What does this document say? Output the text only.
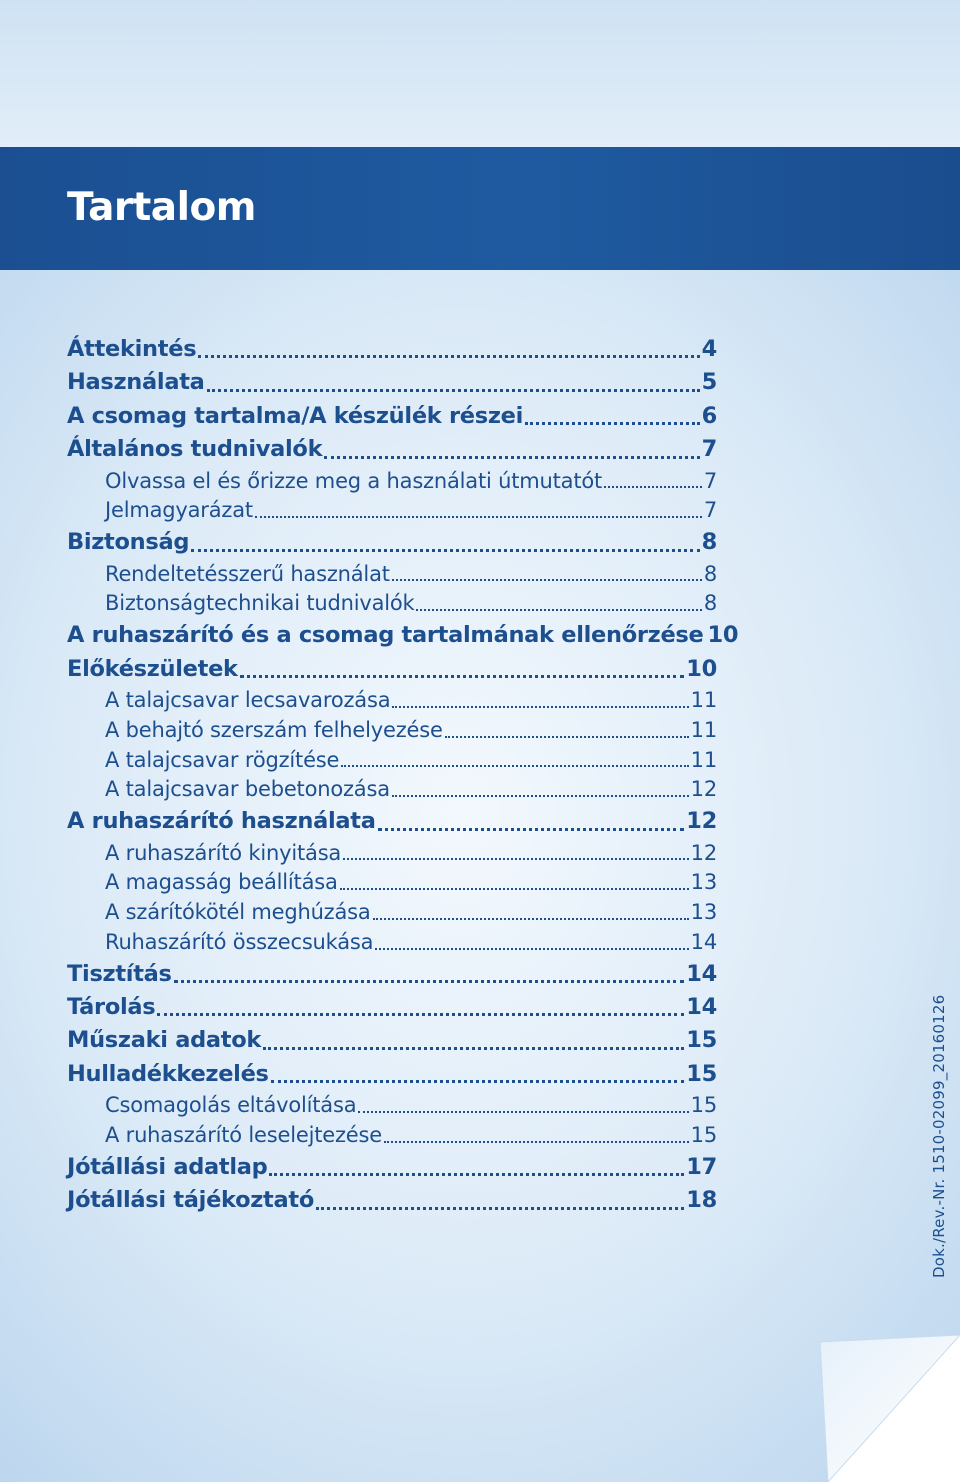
Tartalom
Áttekintés	4
Használata	5
A csomag tartalma/A készülék részei	6
Általános tudnivalók	7
Olvassa el és őrizze meg a használati útmutatót	7
Jelmagyarázat	7
Biztonság	8
Rendeltetésszerű használat	8
Biztonságtechnikai tudnivalók	8
A ruhaszárító és a csomag tartalmának ellenőrzése 10
Előkészületek	10
A talajcsavar lecsavarozása	11
A behajtó szerszám felhelyezése	11
A talajcsavar rögzítése	11
A talajcsavar bebetonozása	12
A ruhaszárító használata	12
A ruhaszárító kinyitása	12
A magasság beállítása	13
A szárítókötél meghúzása	13
Ruhaszárító összecsukása	14
Tisztítás	14
Tárolás	14
Műszaki adatok	15
Hulladékkezelés	15
Csomagolás eltávolítása	15
A ruhaszárító leselejtezése	15
Jótállási adatlap	17
Jótállási tájékoztató	18	Dok./Rev.-Nr. 1510-02099_20160126
